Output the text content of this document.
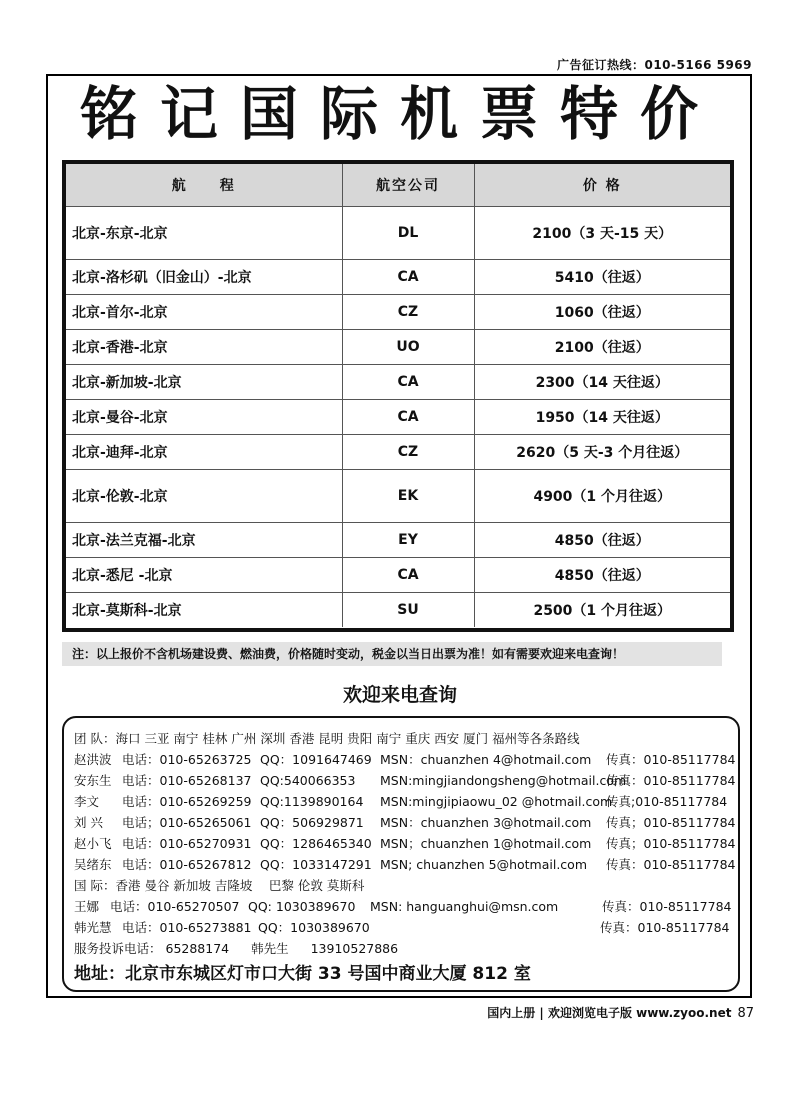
广告征订热线：010-5166 5969
铭记国际机票特价
航　　程	航空公司	价 格
北京-东京-北京	DL	2100（3 天-15 天）
北京-洛杉矶（旧金山）-北京	CA	5410（往返）
北京-首尔-北京	CZ	1060（往返）
北京-香港-北京	UO	2100（往返）
北京-新加坡-北京	CA	2300（14 天往返）
北京-曼谷-北京	CA	1950（14 天往返）
北京-迪拜-北京	CZ	2620（5 天-3 个月往返）
北京-伦敦-北京	EK	4900（1 个月往返）
北京-法兰克福-北京	EY	4850（往返）
北京-悉尼 -北京	CA	4850（往返）
北京-莫斯科-北京	SU	2500（1 个月往返）
注：以上报价不含机场建设费、燃油费，价格随时变动，税金以当日出票为准！如有需要欢迎来电查询！
欢迎来电查询
团 队：海口 三亚 南宁 桂林 广州 深圳 香港 昆明 贵阳 南宁 重庆 西安 厦门 福州等各条路线
赵洪波 电话：010-65263725 QQ：1091647469 MSN：chuanzhen 4@hotmail.com 传真：010-85117784
安东生 电话：010-65268137 QQ:540066353 MSN:mingjiandongsheng@hotmail.com
传真：010-85117784
李文 电话：010-65269259 QQ:1139890164 MSN:mingjipiaowu_02 @hotmail.com
传真;010-85117784
刘 兴 电话；010-65265061 QQ：506929871 MSN：chuanzhen 3@hotmail.com 传真；010-85117784
赵小飞 电话：010-65270931 QQ：1286465340 MSN；chuanzhen 1@hotmail.com 传真；010-85117784
吴绪东 电话：010-65267812 QQ：1033147291 MSN; chuanzhen 5@hotmail.com 传真：010-85117784
国 际：香港 曼谷 新加坡 吉隆坡　 巴黎 伦敦 莫斯科
王娜 电话：010-65270507 QQ: 1030389670 MSN: hanguanghui@msn.com	传真：010-85117784
韩光慧 电话：010-65273881 QQ：1030389670	传真：010-85117784
服务投诉电话： 65288174 韩先生 13910527886
地址：北京市东城区灯市口大街 33 号国中商业大厦 812 室
国内上册 | 欢迎浏览电子版 www.zyoo.net 87
